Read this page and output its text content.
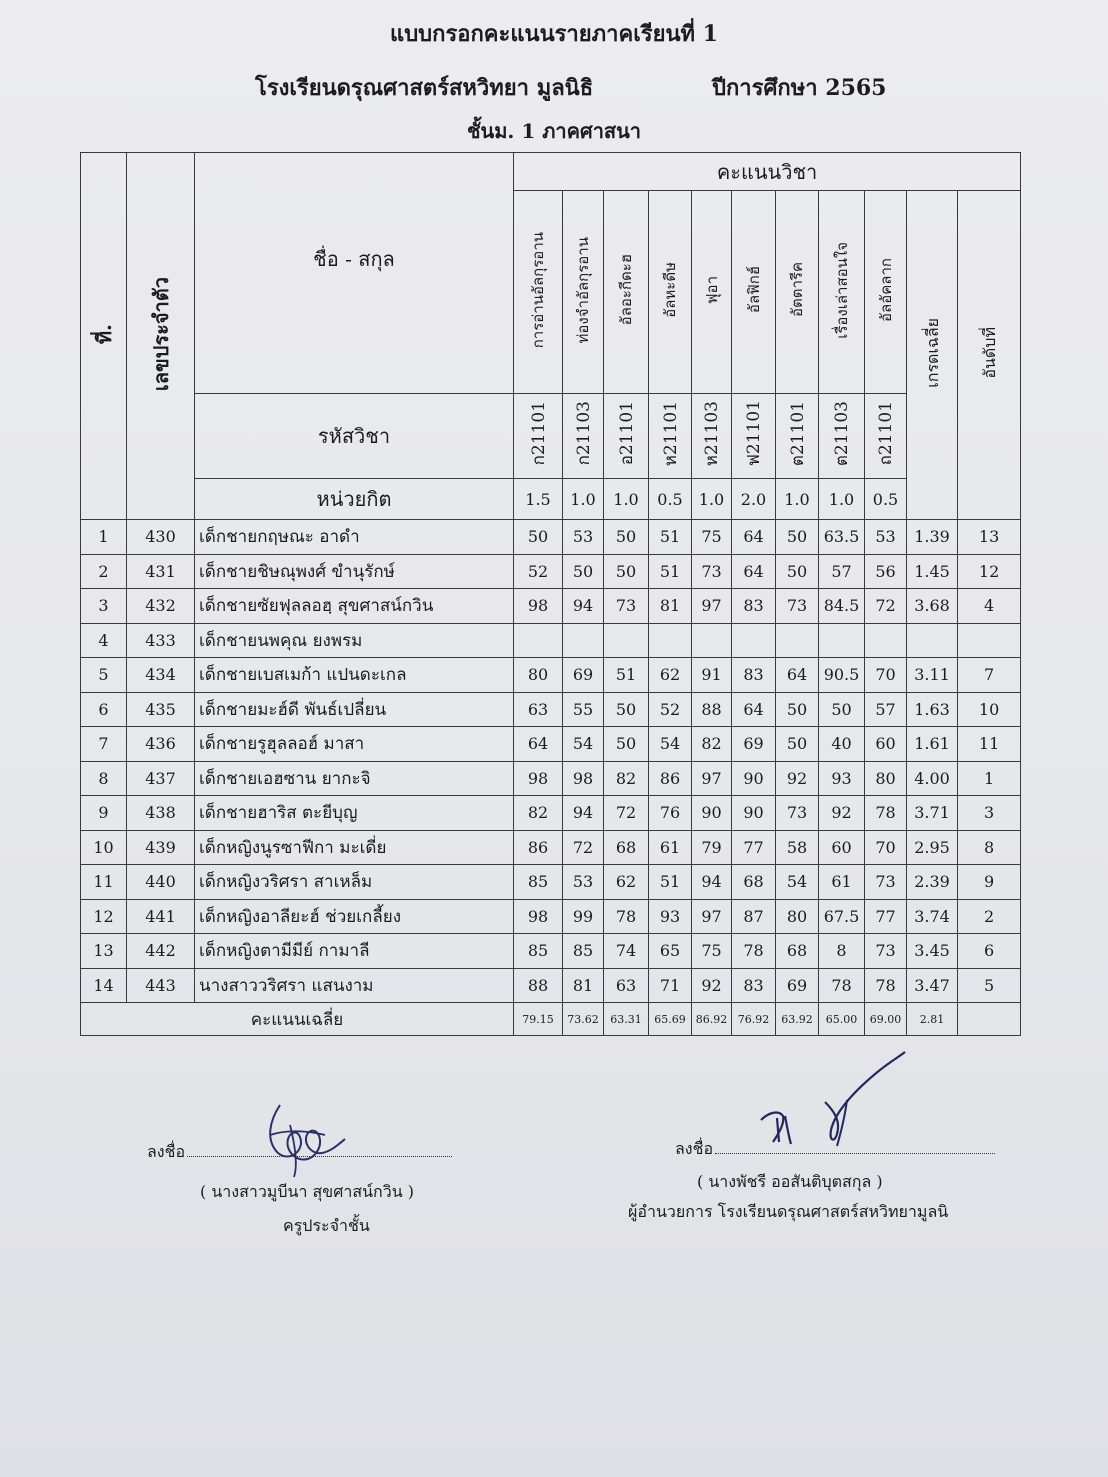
แบบกรอกคะแนนรายภาคเรียนที่ 1
โรงเรียนดรุณศาสตร์สหวิทยา มูลนิธิ	ปีการศึกษา 2565
ชั้นม. 1 ภาคศาสนา
ที่.	เลขประจำตัว	ชื่อ - สกุล	คะแนนวิชา										
			การอ่านอัลกุรอาน	ท่องจำอัลกุรอาน	อัลอะกีดะฮ	อัลหะดีษ	ฟุอา	อัลฟิกฮ์	อัตตารีค	เรื่องเล่าสอนใจ	อัลอัคลาก	เกรดเฉลี่ย	อันดับที่
		รหัสวิชา	ก21101	ก21103	อ21101	ห21101	ห21103	ฟ21101	ต21101	ต21103	ถ21101		
		หน่วยกิต	1.5	1.0	1.0	0.5	1.0	2.0	1.0	1.0	0.5		
1	430	เด็กชายกฤษณะ อาดำ	50	53	50	51	75	64	50	63.5	53	1.39	13
2	431	เด็กชายชิษณุพงศ์ ขำนุรักษ์	52	50	50	51	73	64	50	57	56	1.45	12
3	432	เด็กชายซัยฟุลลอฮฺ สุขศาสน์กวิน	98	94	73	81	97	83	73	84.5	72	3.68	4
4	433	เด็กชายนพคุณ ยงพรม											
5	434	เด็กชายเบสเมก้า แปนดะเกล	80	69	51	62	91	83	64	90.5	70	3.11	7
6	435	เด็กชายมะฮ์ดี พันธ์เปลี่ยน	63	55	50	52	88	64	50	50	57	1.63	10
7	436	เด็กชายรูฮุลลอฮ์ มาสา	64	54	50	54	82	69	50	40	60	1.61	11
8	437	เด็กชายเอฮซาน ยากะจิ	98	98	82	86	97	90	92	93	80	4.00	1
9	438	เด็กชายฮาริส ตะยีบุญ	82	94	72	76	90	90	73	92	78	3.71	3
10	439	เด็กหญิงนูรซาฟีกา มะเดี่ย	86	72	68	61	79	77	58	60	70	2.95	8
11	440	เด็กหญิงวริศรา สาเหล็ม	85	53	62	51	94	68	54	61	73	2.39	9
12	441	เด็กหญิงอาลียะฮ์ ช่วยเกลี้ยง	98	99	78	93	97	87	80	67.5	77	3.74	2
13	442	เด็กหญิงตามีมีย์ กามาลี	85	85	74	65	75	78	68	8	73	3.45	6
14	443	นางสาววริศรา แสนงาม	88	81	63	71	92	83	69	78	78	3.47	5
คะแนนเฉลี่ย			79.15	73.62	63.31	65.69	86.92	76.92	63.92	65.00	69.00	2.81	
ลงชื่อ
( นางสาวมูบีนา สุขศาสน์กวิน )
ครูประจำชั้น
ลงชื่อ
( นางพัชรี ออสันติบุตสกุล )
ผู้อำนวยการ โรงเรียนดรุณศาสตร์สหวิทยามูลนิ
